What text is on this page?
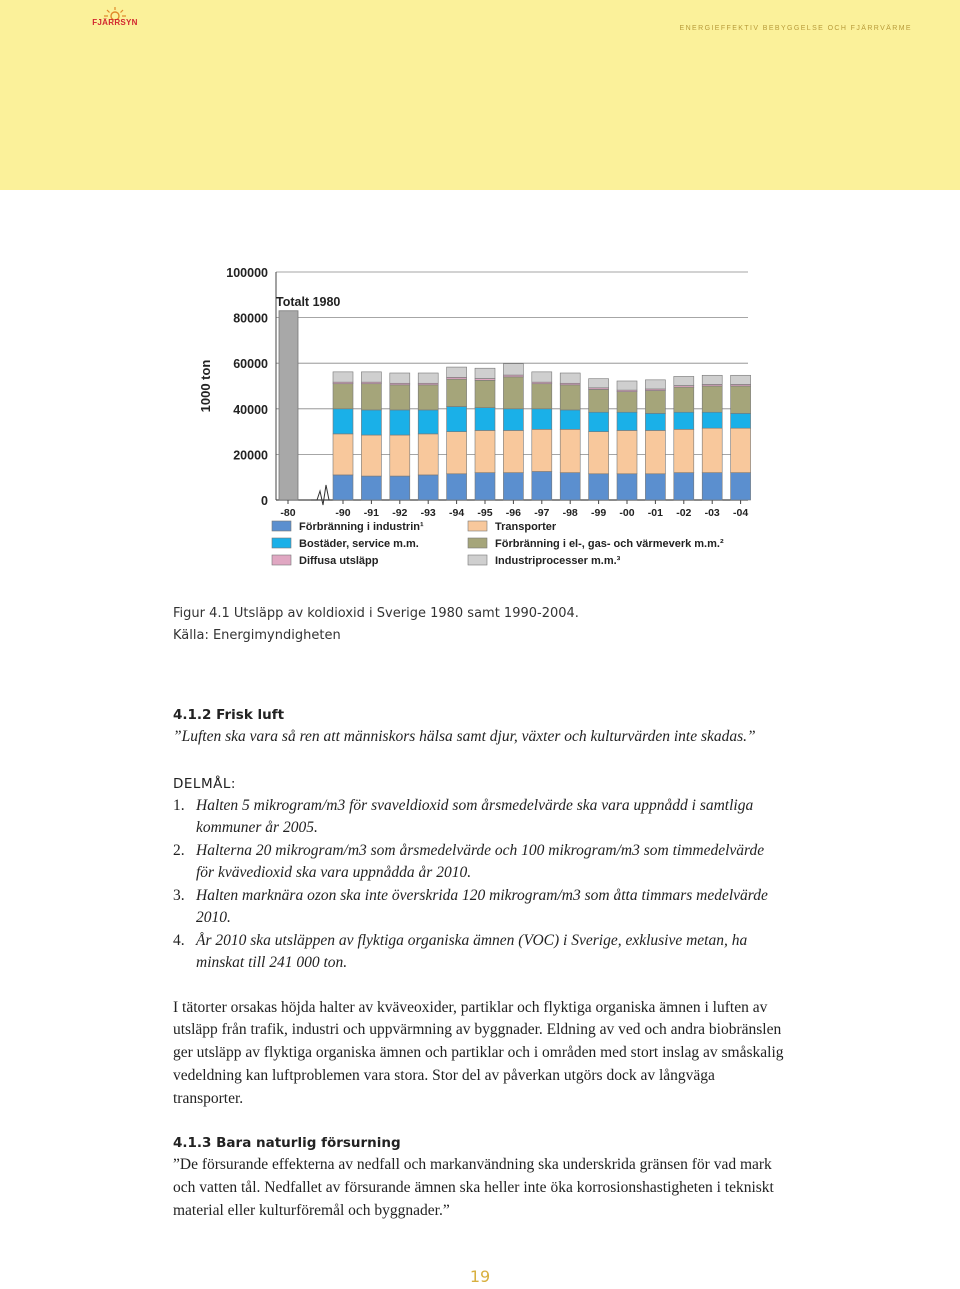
FJÄRRSYN
ENERGIEFFEKTIV BEBYGGELSE OCH FJÄRRVÄRME
1000 ton
100000
80000
60000
40000
20000
0
Totalt 1980
-80	-90 -91 -92 -93 -94 -95 -96 -97 -98 -99 -00 -01 -02 -03 -04
Förbränning i industrin¹	Transporter
Bostäder, service m.m.	Förbränning i el-, gas- och värmeverk m.m.²
Diffusa utsläpp	Industriprocesser m.m.³
Figur 4.1 Utsläpp av koldioxid i Sverige 1980 samt 1990-2004.
Källa: Energimyndigheten

4.1.2 Frisk luft

”Luften ska vara så ren att människors hälsa samt djur, växter och kulturvärden inte skadas.”

DELMÅL:

1. Halten 5 mikrogram/m3 för svaveldioxid som årsmedelvärde ska vara uppnådd i samtliga kommuner år 2005.
2. Halterna 20 mikrogram/m3 som årsmedelvärde och 100 mikrogram/m3 som timmedelvärde för kvävedioxid ska vara uppnådda år 2010.
3. Halten marknära ozon ska inte överskrida 120 mikrogram/m3 som åtta timmars medelvärde 2010.
4. År 2010 ska utsläppen av flyktiga organiska ämnen (VOC) i Sverige, exklusive metan, ha minskat till 241 000 ton.

I tätorter orsakas höjda halter av kväveoxider, partiklar och flyktiga organiska ämnen i luften av utsläpp från trafik, industri och uppvärmning av byggnader. Eldning av ved och andra biobränslen ger utsläpp av flyktiga organiska ämnen och partiklar och i områden med stort inslag av småskalig vedeldning kan luftproblemen vara stora. Stor del av påverkan utgörs dock av långväga transporter.

4.1.3 Bara naturlig försurning

”De försurande effekterna av nedfall och markanvändning ska underskrida gränsen för vad mark och vatten tål. Nedfallet av försurande ämnen ska heller inte öka korrosionshastigheten i tekniskt material eller kulturföremål och byggnader.”

19
